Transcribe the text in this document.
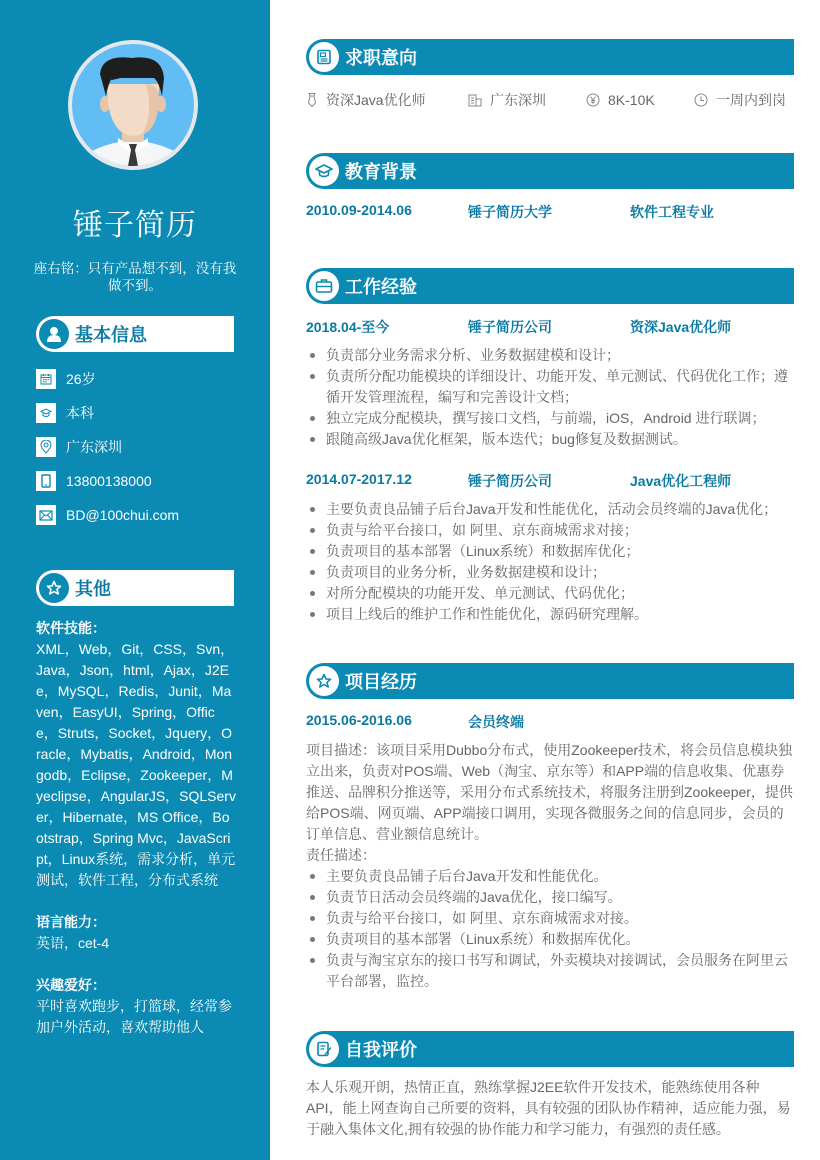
锤子简历
座右铭：只有产品想不到，没有我做不到。
基本信息
26岁
本科
广东深圳
13800138000
BD@100chui.com
其他
软件技能：
XML，Web，Git，CSS，Svn，Java，Json，html，Ajax，J2Ee，MySQL，Redis，Junit，Maven，EasyUI，Spring，Office，Struts，Socket，Jquery，Oracle，Mybatis，Android，Mongodb，Eclipse，Zookeeper，Myeclipse，AngularJS，SQLServer，Hibernate，MS Office，Bootstrap，Spring Mvc，JavaScript，Linux系统，需求分析，单元测试，软件工程，分布式系统
语言能力：
英语，cet-4
兴趣爱好：
平时喜欢跑步，打篮球，经常参加户外活动，喜欢帮助他人
求职意向
资深Java优化师	广东深圳	8K-10K	一周内到岗
教育背景
2010.09-2014.06	锤子简历大学	软件工程专业
工作经验
2018.04-至今	锤子简历公司	资深Java优化师
负责部分业务需求分析、业务数据建模和设计；
负责所分配功能模块的详细设计、功能开发、单元测试、代码优化工作；遵循开发管理流程，编写和完善设计文档；
独立完成分配模块，撰写接口文档，与前端，iOS，Android 进行联调；
跟随高级Java优化框架，版本迭代；bug修复及数据测试。
2014.07-2017.12	锤子简历公司	Java优化工程师
主要负责良品铺子后台Java开发和性能优化，活动会员终端的Java优化；
负责与给平台接口，如 阿里、京东商城需求对接；
负责项目的基本部署（Linux系统）和数据库优化；
负责项目的业务分析，业务数据建模和设计；
对所分配模块的功能开发、单元测试、代码优化；
项目上线后的维护工作和性能优化，源码研究理解。
项目经历
2015.06-2016.06	会员终端
项目描述：该项目采用Dubbo分布式，使用Zookeeper技术，将会员信息模块独立出来，负责对POS端、Web（淘宝、京东等）和APP端的信息收集、优惠券推送、品牌积分推送等，采用分布式系统技术，将服务注册到Zookeeper，提供给POS端、网页端、APP端接口调用，实现各微服务之间的信息同步，会员的订单信息、营业额信息统计。
责任描述：
主要负责良品铺子后台Java开发和性能优化。
负责节日活动会员终端的Java优化，接口编写。
负责与给平台接口，如 阿里、京东商城需求对接。
负责项目的基本部署（Linux系统）和数据库优化。
负责与淘宝京东的接口书写和调试，外卖模块对接调试，会员服务在阿里云平台部署，监控。
自我评价
本人乐观开朗，热情正直，熟练掌握J2EE软件开发技术，能熟练使用各种API，能上网查询自己所要的资料，具有较强的团队协作精神，适应能力强，易于融入集体文化,拥有较强的协作能力和学习能力，有强烈的责任感。
